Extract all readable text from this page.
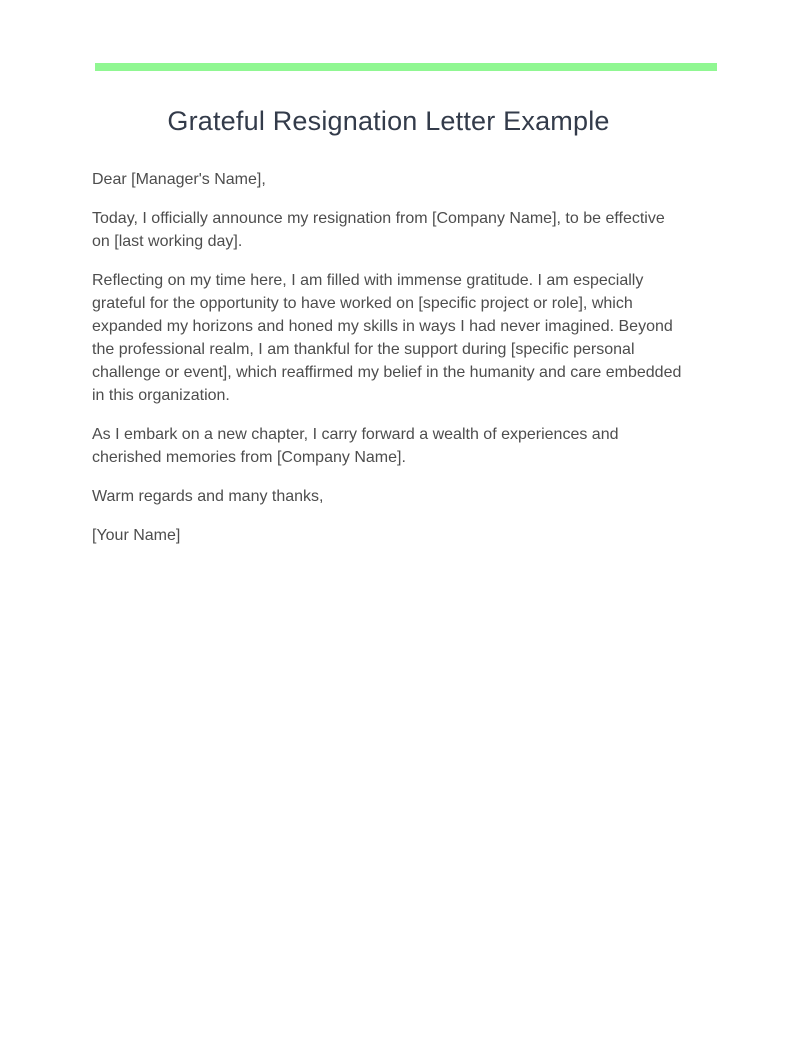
Grateful Resignation Letter Example

Dear [Manager's Name],

Today, I officially announce my resignation from [Company Name], to be effective on [last working day].

Reflecting on my time here, I am filled with immense gratitude. I am especially grateful for the opportunity to have worked on [specific project or role], which expanded my horizons and honed my skills in ways I had never imagined. Beyond the professional realm, I am thankful for the support during [specific personal challenge or event], which reaffirmed my belief in the humanity and care embedded in this organization.

As I embark on a new chapter, I carry forward a wealth of experiences and cherished memories from [Company Name].

Warm regards and many thanks,

[Your Name]
